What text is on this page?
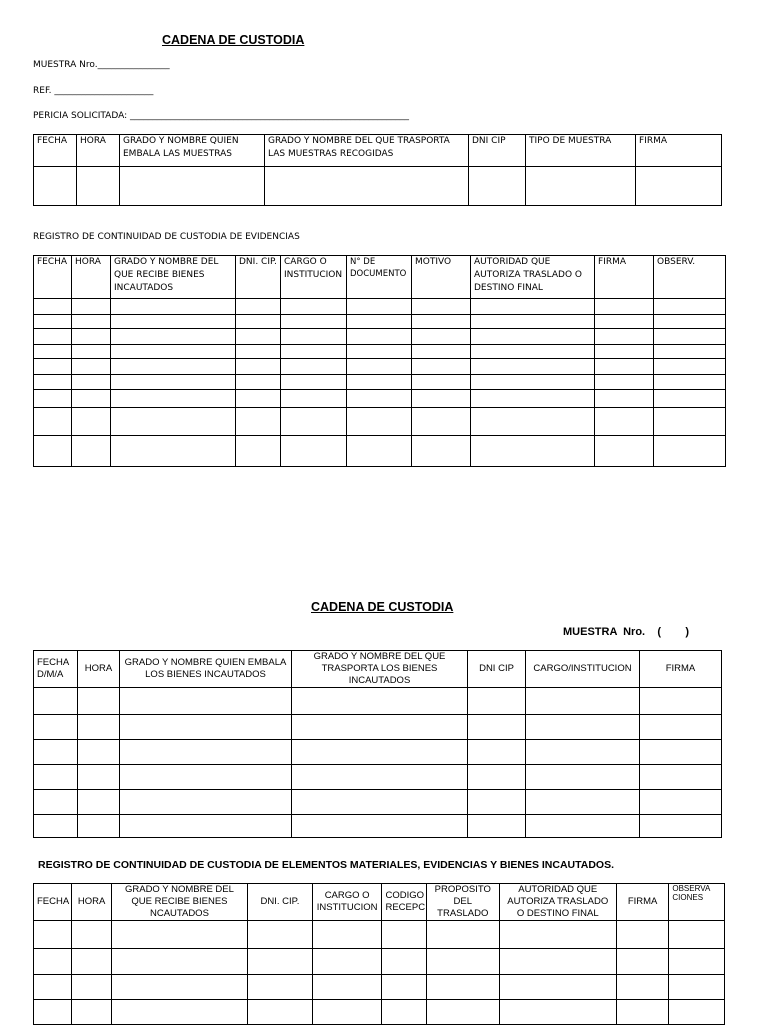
CADENA DE CUSTODIA
MUESTRA Nro.________________
REF. ______________________
PERICIA SOLICITADA: ______________________________________________________________
FECHA	HORA	GRADO Y NOMBRE QUIEN EMBALA LAS MUESTRAS	GRADO Y NOMBRE DEL QUE TRASPORTA LAS MUESTRAS RECOGIDAS	DNI CIP	TIPO DE MUESTRA	FIRMA

REGISTRO DE CONTINUIDAD DE CUSTODIA DE EVIDENCIAS
FECHA	HORA	GRADO Y NOMBRE DEL QUE RECIBE BIENES INCAUTADOS	DNI. CIP.	CARGO O INSTITUCION	N° DE DOCUMENTO	MOTIVO	AUTORIDAD QUE AUTORIZA TRASLADO O DESTINO FINAL	FIRMA	OBSERV.

CADENA DE CUSTODIA
MUESTRA  Nro.    (        )
FECHA D/M/A	HORA	GRADO Y NOMBRE QUIEN EMBALA LOS BIENES INCAUTADOS	GRADO Y NOMBRE DEL QUE TRASPORTA LOS BIENES INCAUTADOS	DNI CIP	CARGO/INSTITUCION	FIRMA

REGISTRO DE CONTINUIDAD DE CUSTODIA DE ELEMENTOS MATERIALES, EVIDENCIAS Y BIENES INCAUTADOS.
FECHA	HORA	GRADO Y NOMBRE DEL QUE RECIBE BIENES NCAUTADOS	DNI. CIP.	CARGO O INSTITUCION	CODIGO RECEPC	PROPOSITO DEL TRASLADO	AUTORIDAD QUE AUTORIZA TRASLADO O DESTINO FINAL	FIRMA	OBSERVA CIONES
